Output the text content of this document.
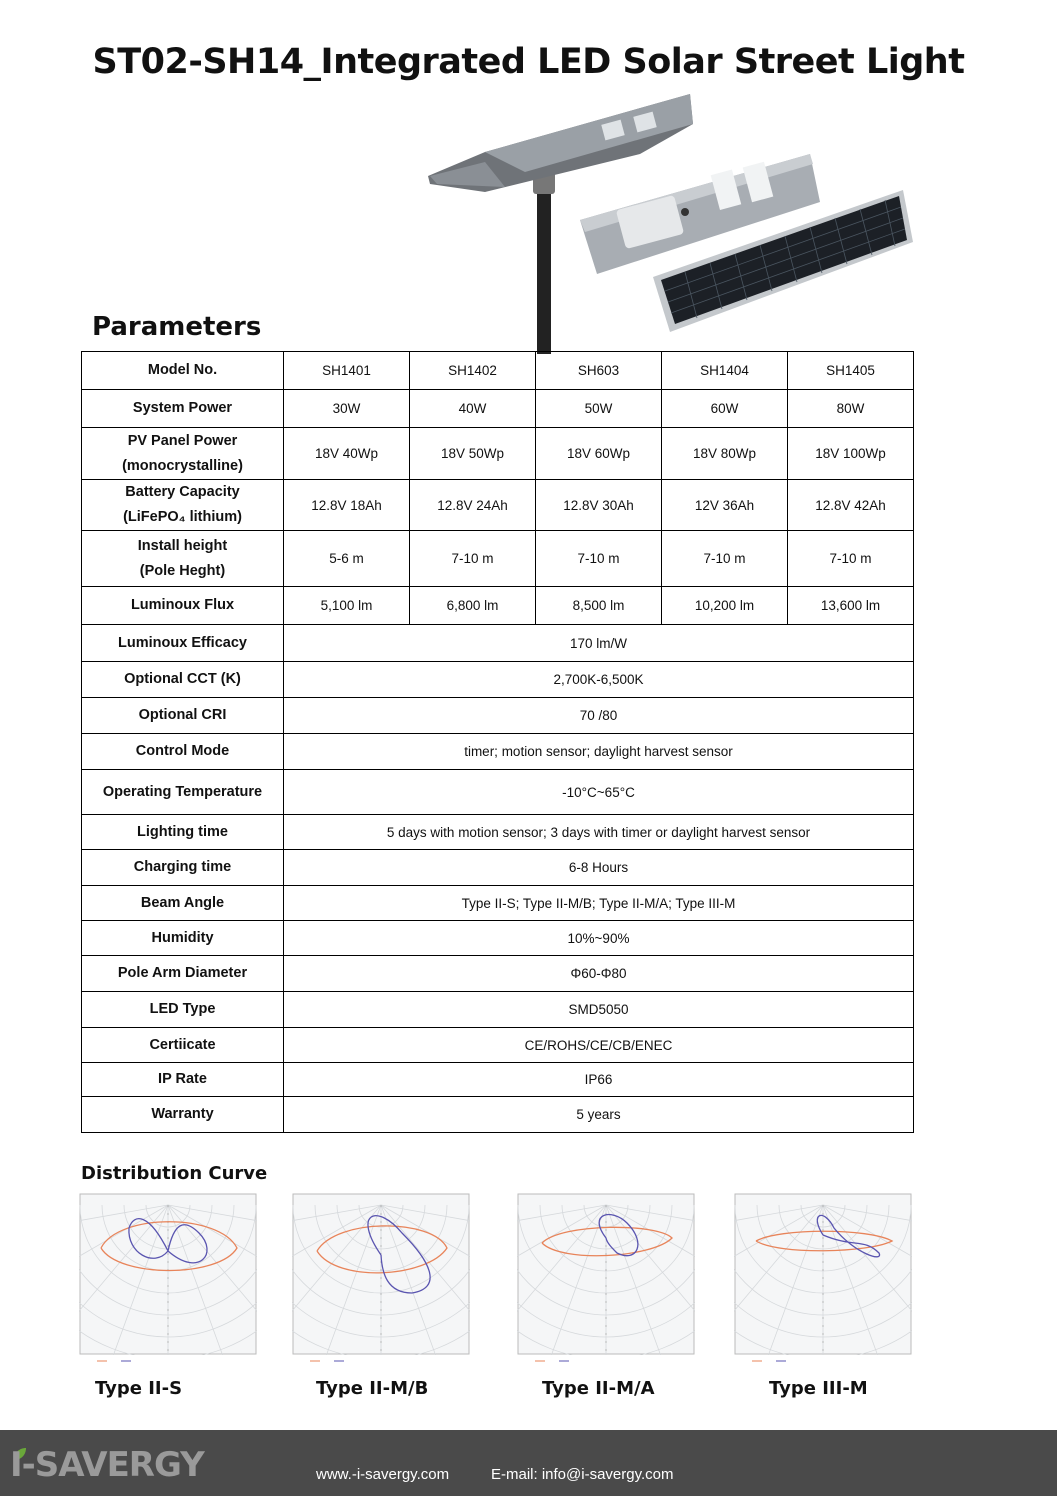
ST02-SH14_Integrated LED Solar Street Light
Parameters
Model No.	SH1401	SH1402	SH603	SH1404	SH1405

System Power	30W	40W	50W	60W	80W

PV Panel Power
(monocrystalline)	18V 40Wp	18V 50Wp	18V 60Wp	18V 80Wp	18V 100Wp

Battery Capacity
(LiFePO₄ lithium)	12.8V 18Ah	12.8V 24Ah	12.8V 30Ah	12V 36Ah	12.8V 42Ah

Install height
(Pole Heght)	5-6 m	7-10 m	7-10 m	7-10 m	7-10 m

Luminoux Flux	5,100 lm	6,800 lm	8,500 lm	10,200 lm	13,600 lm
Luminoux Efficacy	170 lm/W				
Optional CCT (K)	2,700K-6,500K				
Optional CRI	70 /80				
Control Mode	timer; motion sensor; daylight harvest sensor				
Operating Temperature	-10°C~65°C				
Lighting time	5 days with motion sensor; 3 days with timer or daylight harvest sensor				
Charging time	6-8 Hours				
Beam Angle	Type II-S; Type II-M/B; Type II-M/A; Type III-M				
Humidity	10%~90%				
Pole Arm Diameter	Φ60-Φ80				
LED Type	SMD5050				
Certiicate	CE/ROHS/CE/CB/ENEC				
IP Rate	IP66				
Warranty	5 years				
Distribution Curve
Type II-S	Type II-M/B	Type II-M/A	Type III-M
I-SAVERGY	www.-i-savergy.com	E-mail: info@i-savergy.com
